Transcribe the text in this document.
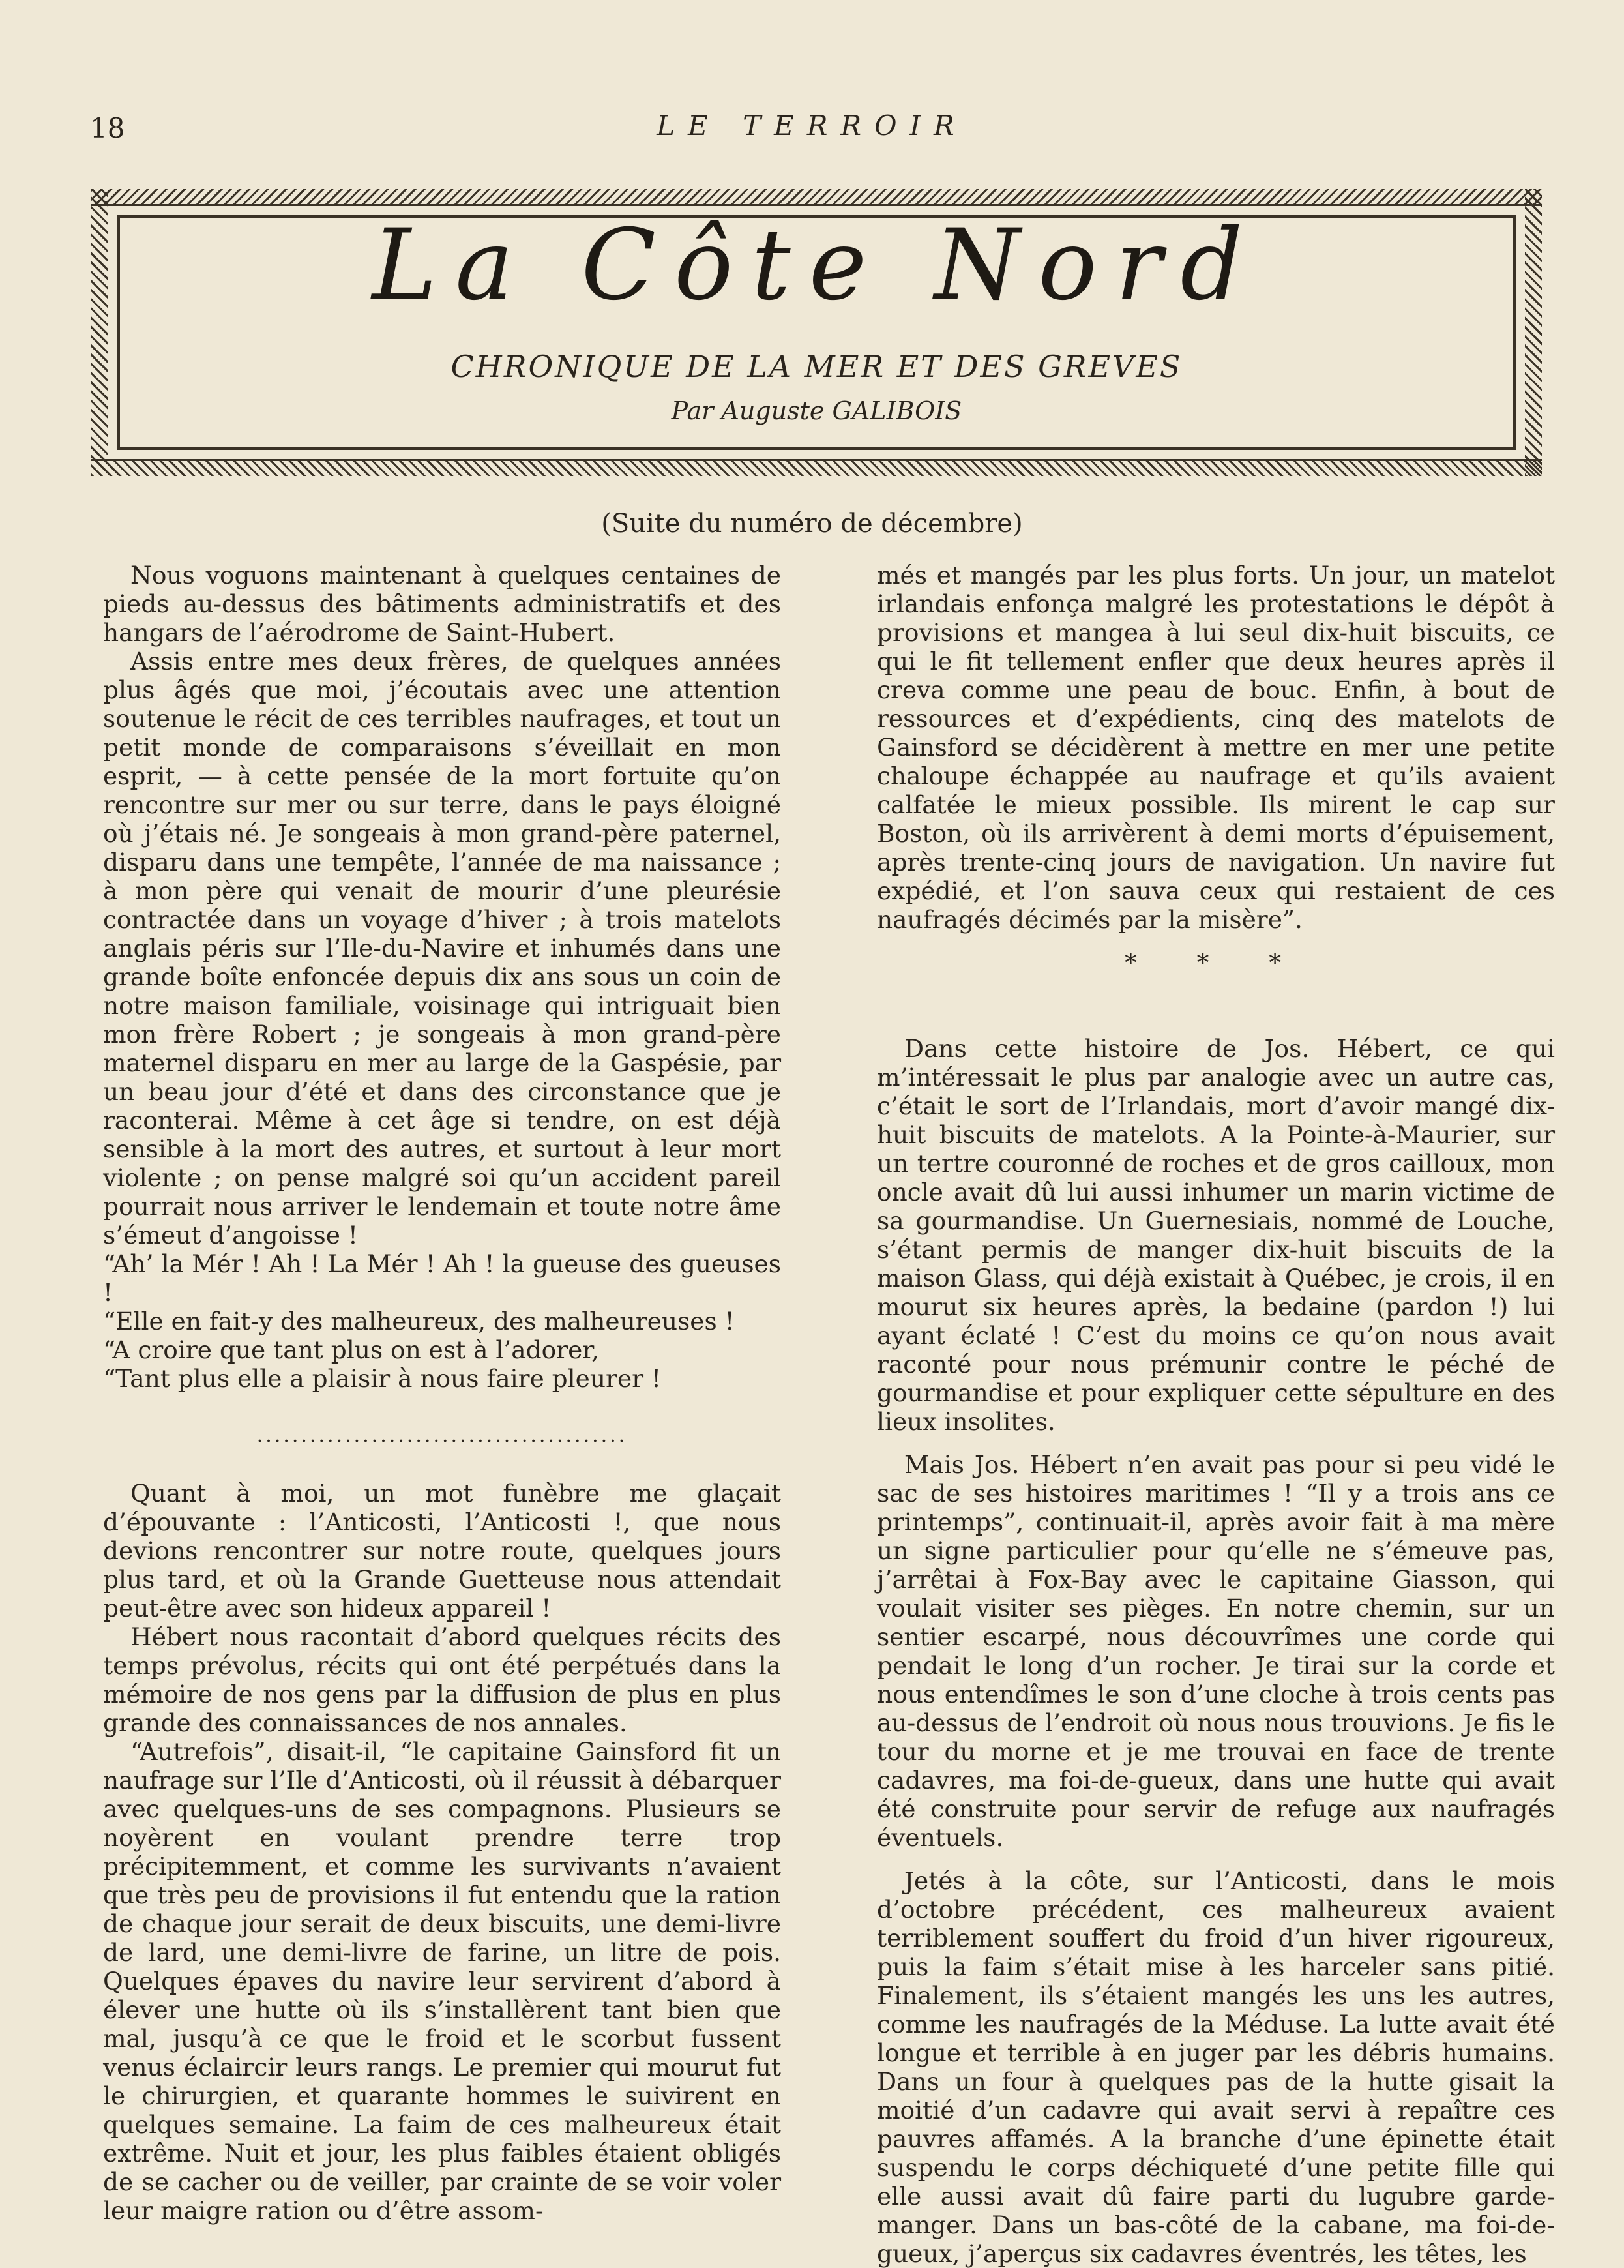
18	LE TERROIR
La Côte Nord
CHRONIQUE DE LA MER ET DES GREVES
Par Auguste GALIBOIS
(Suite du numéro de décembre)

Nous voguons maintenant à quelques centaines de pieds au-dessus des bâtiments administratifs et des hangars de l’aérodrome de Saint-Hubert.

Assis entre mes deux frères, de quelques années plus âgés que moi, j’écoutais avec une attention soutenue le récit de ces terribles naufrages, et tout un petit monde de comparaisons s’éveillait en mon esprit, — à cette pensée de la mort fortuite qu’on rencontre sur mer ou sur terre, dans le pays éloigné où j’étais né. Je songeais à mon grand-père paternel, disparu dans une tempête, l’année de ma naissance ; à mon père qui venait de mourir d’une pleurésie contractée dans un voyage d’hiver ; à trois matelots anglais péris sur l’Ile-du-Navire et inhumés dans une grande boîte enfoncée depuis dix ans sous un coin de notre maison familiale, voisinage qui intriguait bien mon frère Robert ; je songeais à mon grand-père maternel disparu en mer au large de la Gaspésie, par un beau jour d’été et dans des circonstance que je raconterai. Même à cet âge si tendre, on est déjà sensible à la mort des autres, et surtout à leur mort violente ; on pense malgré soi qu’un accident pareil pourrait nous arriver le lendemain et toute notre âme s’émeut d’angoisse !

“Ah’ la Mér ! Ah ! La Mér ! Ah ! la gueuse des gueuses !

“Elle en fait-y des malheureux, des malheureuses !

“A croire que tant plus on est à l’adorer,

“Tant plus elle a plaisir à nous faire pleurer !

..........................................

Quant à moi, un mot funèbre me glaçait d’épouvante : l’Anticosti, l’Anticosti !, que nous devions rencontrer sur notre route, quelques jours plus tard, et où la Grande Guetteuse nous attendait peut-être avec son hideux appareil !

Hébert nous racontait d’abord quelques récits des temps prévolus, récits qui ont été perpétués dans la mémoire de nos gens par la diffusion de plus en plus grande des connaissances de nos annales.

“Autrefois”, disait-il, “le capitaine Gainsford fit un naufrage sur l’Ile d’Anticosti, où il réussit à débarquer avec quelques-uns de ses compagnons. Plusieurs se noyèrent en voulant prendre terre trop précipitemment, et comme les survivants n’avaient que très peu de provisions il fut entendu que la ration de chaque jour serait de deux biscuits, une demi-livre de lard, une demi-livre de farine, un litre de pois. Quelques épaves du navire leur servirent d’abord à élever une hutte où ils s’installèrent tant bien que mal, jusqu’à ce que le froid et le scorbut fussent venus éclaircir leurs rangs. Le premier qui mourut fut le chirurgien, et quarante hommes le suivirent en quelques semaine. La faim de ces malheureux était extrême. Nuit et jour, les plus faibles étaient obligés de se cacher ou de veiller, par crainte de se voir voler leur maigre ration ou d’être assom-

més et mangés par les plus forts. Un jour, un matelot irlandais enfonça malgré les protestations le dépôt à provisions et mangea à lui seul dix-huit biscuits, ce qui le fit tellement enfler que deux heures après il creva comme une peau de bouc. Enfin, à bout de ressources et d’expédients, cinq des matelots de Gainsford se décidèrent à mettre en mer une petite chaloupe échappée au naufrage et qu’ils avaient calfatée le mieux possible. Ils mirent le cap sur Boston, où ils arrivèrent à demi morts d’épuisement, après trente-cinq jours de navigation. Un navire fut expédié, et l’on sauva ceux qui restaient de ces naufragés décimés par la misère”.

* * *

Dans cette histoire de Jos. Hébert, ce qui m’intéressait le plus par analogie avec un autre cas, c’était le sort de l’Irlandais, mort d’avoir mangé dix-huit biscuits de matelots. A la Pointe-à-Maurier, sur un tertre couronné de roches et de gros cailloux, mon oncle avait dû lui aussi inhumer un marin victime de sa gourmandise. Un Guernesiais, nommé de Louche, s’étant permis de manger dix-huit biscuits de la maison Glass, qui déjà existait à Québec, je crois, il en mourut six heures après, la bedaine (pardon !) lui ayant éclaté ! C’est du moins ce qu’on nous avait raconté pour nous prémunir contre le péché de gourmandise et pour expliquer cette sépulture en des lieux insolites.

Mais Jos. Hébert n’en avait pas pour si peu vidé le sac de ses histoires maritimes ! “Il y a trois ans ce printemps”, continuait-il, après avoir fait à ma mère un signe particulier pour qu’elle ne s’émeuve pas, j’arrêtai à Fox-Bay avec le capitaine Giasson, qui voulait visiter ses pièges. En notre chemin, sur un sentier escarpé, nous découvrîmes une corde qui pendait le long d’un rocher. Je tirai sur la corde et nous entendîmes le son d’une cloche à trois cents pas au-dessus de l’endroit où nous nous trouvions. Je fis le tour du morne et je me trouvai en face de trente cadavres, ma foi-de-gueux, dans une hutte qui avait été construite pour servir de refuge aux naufragés éventuels.

Jetés à la côte, sur l’Anticosti, dans le mois d’octobre précédent, ces malheureux avaient terriblement souffert du froid d’un hiver rigoureux, puis la faim s’était mise à les harceler sans pitié. Finalement, ils s’étaient mangés les uns les autres, comme les naufragés de la Méduse. La lutte avait été longue et terrible à en juger par les débris humains. Dans un four à quelques pas de la hutte gisait la moitié d’un cadavre qui avait servi à repaître ces pauvres affamés. A la branche d’une épinette était suspendu le corps déchiqueté d’une petite fille qui elle aussi avait dû faire parti du lugubre garde-manger. Dans un bas-côté de la cabane, ma foi-de-gueux, j’aperçus six cadavres éventrés, les têtes, les
